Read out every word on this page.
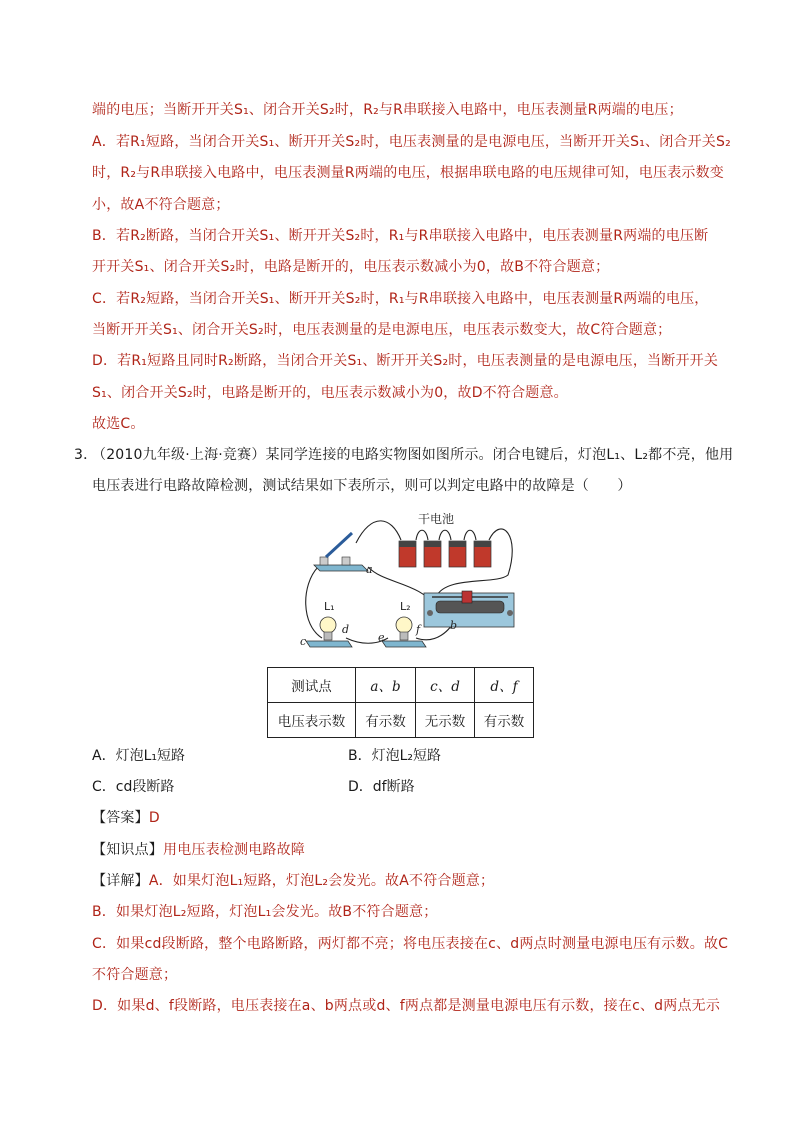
端的电压；当断开开关S₁、闭合开关S₂时，R₂与R串联接入电路中，电压表测量R两端的电压；
A．若R₁短路，当闭合开关S₁、断开开关S₂时，电压表测量的是电源电压，当断开开关S₁、闭合开关S₂
时，R₂与R串联接入电路中，电压表测量R两端的电压，根据串联电路的电压规律可知，电压表示数变
小，故A不符合题意；
B．若R₂断路，当闭合开关S₁、断开开关S₂时，R₁与R串联接入电路中，电压表测量R两端的电压断
开开关S₁、闭合开关S₂时，电路是断开的，电压表示数减小为0，故B不符合题意；
C．若R₂短路，当闭合开关S₁、断开开关S₂时，R₁与R串联接入电路中，电压表测量R两端的电压，
当断开开关S₁、闭合开关S₂时，电压表测量的是电源电压，电压表示数变大，故C符合题意；
D．若R₁短路且同时R₂断路，当闭合开关S₁、断开开关S₂时，电压表测量的是电源电压，当断开开关
S₁、闭合开关S₂时，电路是断开的，电压表示数减小为0，故D不符合题意。
故选C。
3．
（2010九年级·上海·竞赛）某同学连接的电路实物图如图所示。闭合电键后，灯泡L₁、L₂都不亮，他用
电压表进行电路故障检测，测试结果如下表所示，则可以判定电路中的故障是（　　）
a
干电池
b
L₁
c
d
L₂
e
f
测试点	a、b	c、d	d、f
电压表示数	有示数	无示数	有示数
A．灯泡L₁短路	B．灯泡L₂短路
C．cd段断路	D．df断路
【答案】D
【知识点】用电压表检测电路故障
【详解】A．如果灯泡L₁短路，灯泡L₂会发光。故A不符合题意；
B．如果灯泡L₂短路，灯泡L₁会发光。故B不符合题意；
C．如果cd段断路，整个电路断路，两灯都不亮；将电压表接在c、d两点时测量电源电压有示数。故C
不符合题意；
D．如果d、f段断路，电压表接在a、b两点或d、f两点都是测量电源电压有示数，接在c、d两点无示
